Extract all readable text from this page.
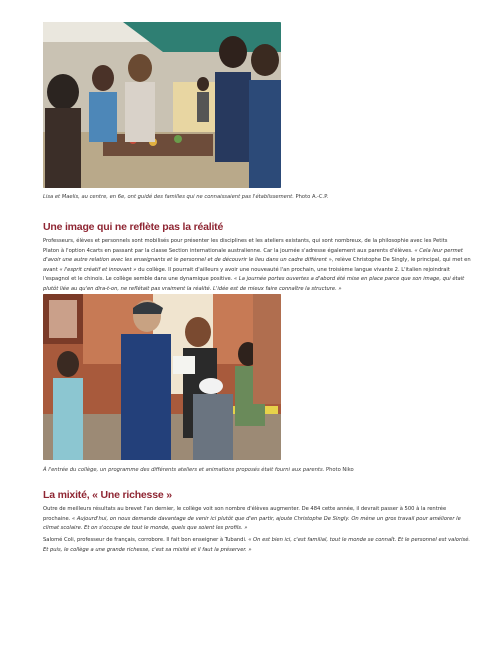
Lisa et Maelis, au centre, en 6e, ont guidé des familles qui ne connaissaient pas l'établissement. Photo A.-C.P.
Une image qui ne reflète pas la réalité

Professeurs, élèves et personnels sont mobilisés pour présenter les disciplines et les ateliers existants, qui sont nombreux, de la philosophie avec les Petits

Platon à l'option 4carts en passant par la classe Section internationale australienne. Car la journée s'adresse également aux parents d'élèves. « Cela leur permet

d'avoir une autre relation avec les enseignants et le personnel et de découvrir le lieu dans un cadre différent », relève Christophe De Singly, le principal, qui met en

avant « l'esprit créatif et innovant » du collège. Il pourrait d'ailleurs y avoir une nouveauté l'an prochain, une troisième langue vivante 2. L'italien rejoindrait

l'espagnol et le chinois. Le collège semble dans une dynamique positive. « La journée portes ouvertes a d'abord été mise en place parce que son image, qui était

plutôt liée au qu'en dira-t-on, ne reflétait pas vraiment la réalité. L'idée est de mieux faire connaître la structure. »

À l'entrée du collège, un programme des différents ateliers et animations proposés était fourni aux parents. Photo Niko
La mixité, « Une richesse »

Outre de meilleurs résultats au brevet l'an dernier, le collège voit son nombre d'élèves augmenter. De 484 cette année, il devrait passer à 500 à la rentrée

prochaine. « Aujourd'hui, on nous demande davantage de venir ici plutôt que d'en partir, ajoute Christophe De Singly. On mène un gros travail pour améliorer le

climat scolaire. Et on s'occupe de tout le monde, quels que soient les profils. »

Salomé Coli, professeur de français, corrobore. Il fait bon enseigner à Tubandi. « On est bien ici, c'est familial, tout le monde se connaît. Et le personnel est valorisé.

Et puis, le collège a une grande richesse, c'est sa mixité et il faut la préserver. »
